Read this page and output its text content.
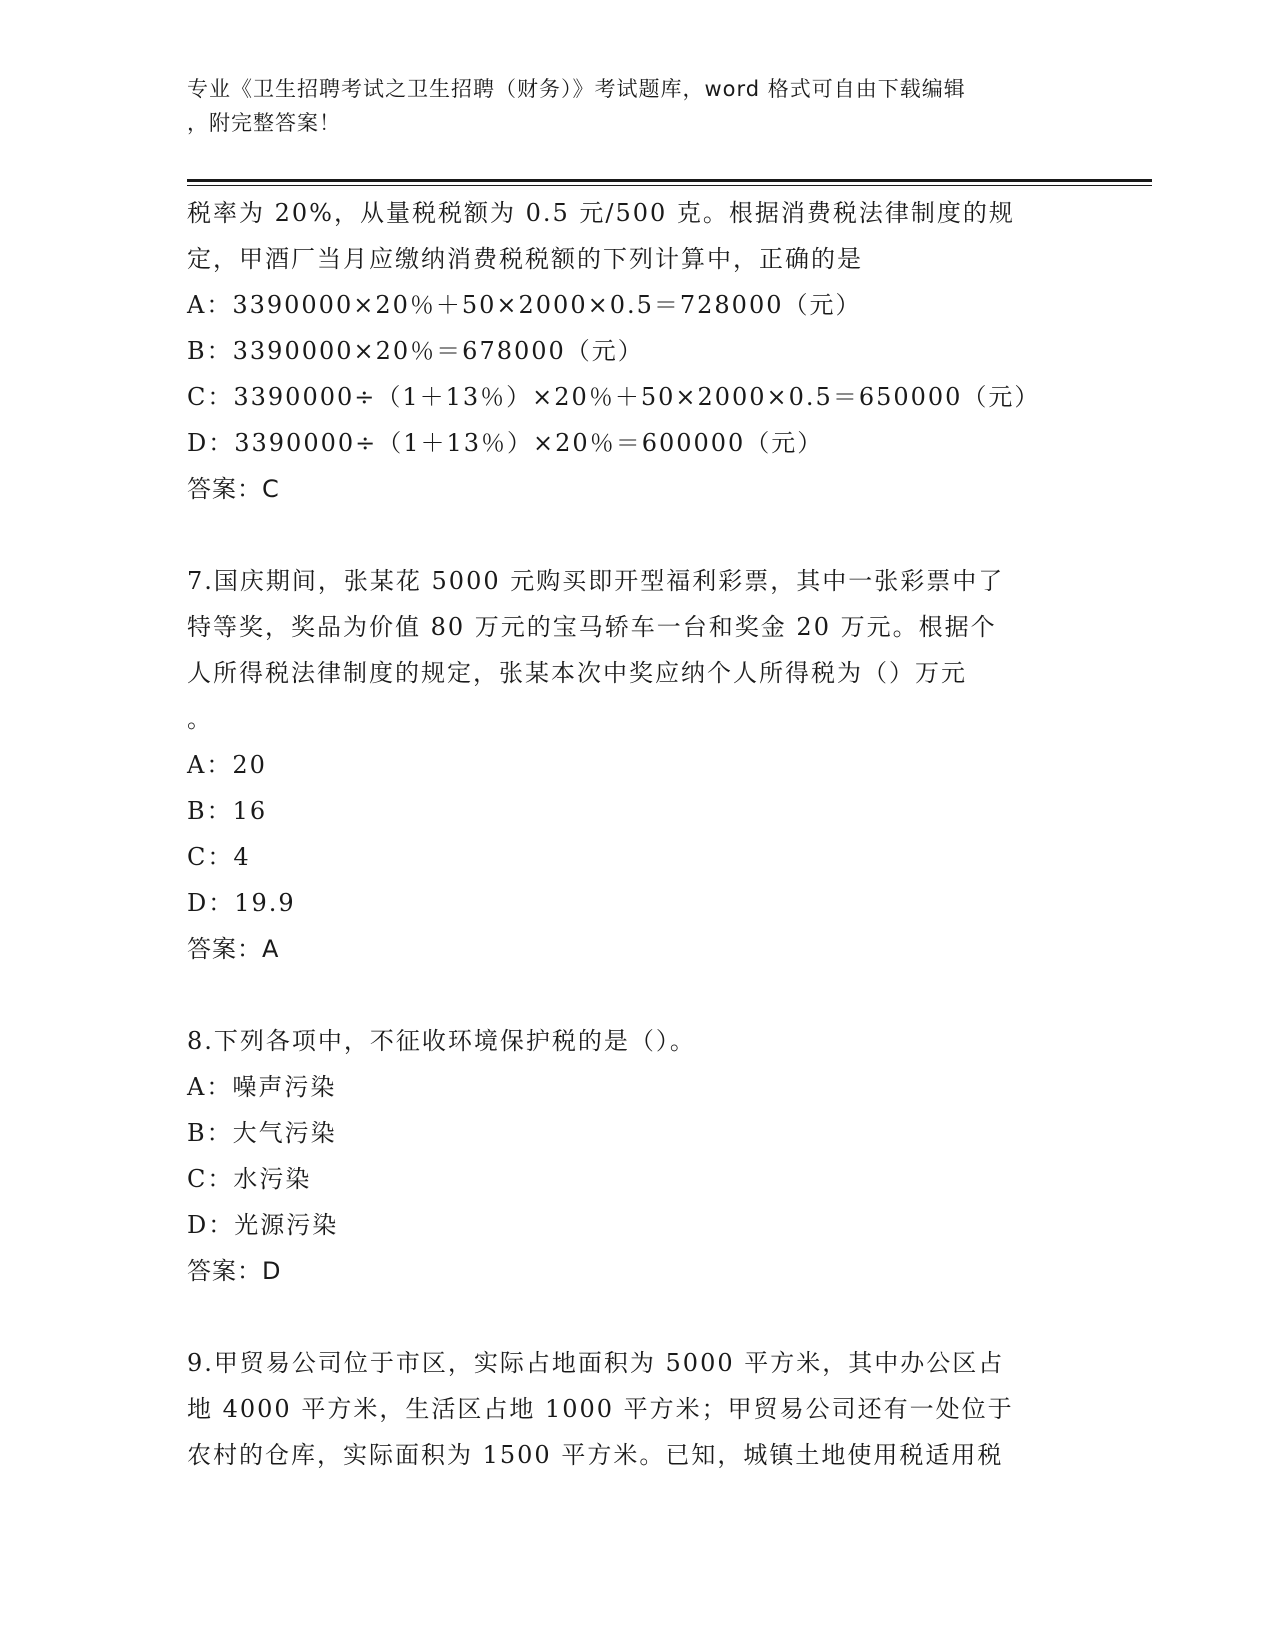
专业《卫生招聘考试之卫生招聘（财务）》考试题库，word 格式可自由下载编辑
，附完整答案！

税率为 20%，从量税税额为 0.5 元/500 克。根据消费税法律制度的规

定，甲酒厂当月应缴纳消费税税额的下列计算中，正确的是

A：3390000×20％＋50×2000×0.5＝728000（元）

B：3390000×20％＝678000（元）

C：3390000÷（1＋13％）×20％＋50×2000×0.5＝650000（元）

D：3390000÷（1＋13％）×20％＝600000（元）

答案：C

7.国庆期间，张某花 5000 元购买即开型福利彩票，其中一张彩票中了

特等奖，奖品为价值 80 万元的宝马轿车一台和奖金 20 万元。根据个

人所得税法律制度的规定，张某本次中奖应纳个人所得税为（）万元

。

A：20

B：16

C：4

D：19.9

答案：A

8.下列各项中，不征收环境保护税的是（）。

A：噪声污染

B：大气污染

C：水污染

D：光源污染

答案：D

9.甲贸易公司位于市区，实际占地面积为 5000 平方米，其中办公区占

地 4000 平方米，生活区占地 1000 平方米；甲贸易公司还有一处位于

农村的仓库，实际面积为 1500 平方米。已知，城镇土地使用税适用税
